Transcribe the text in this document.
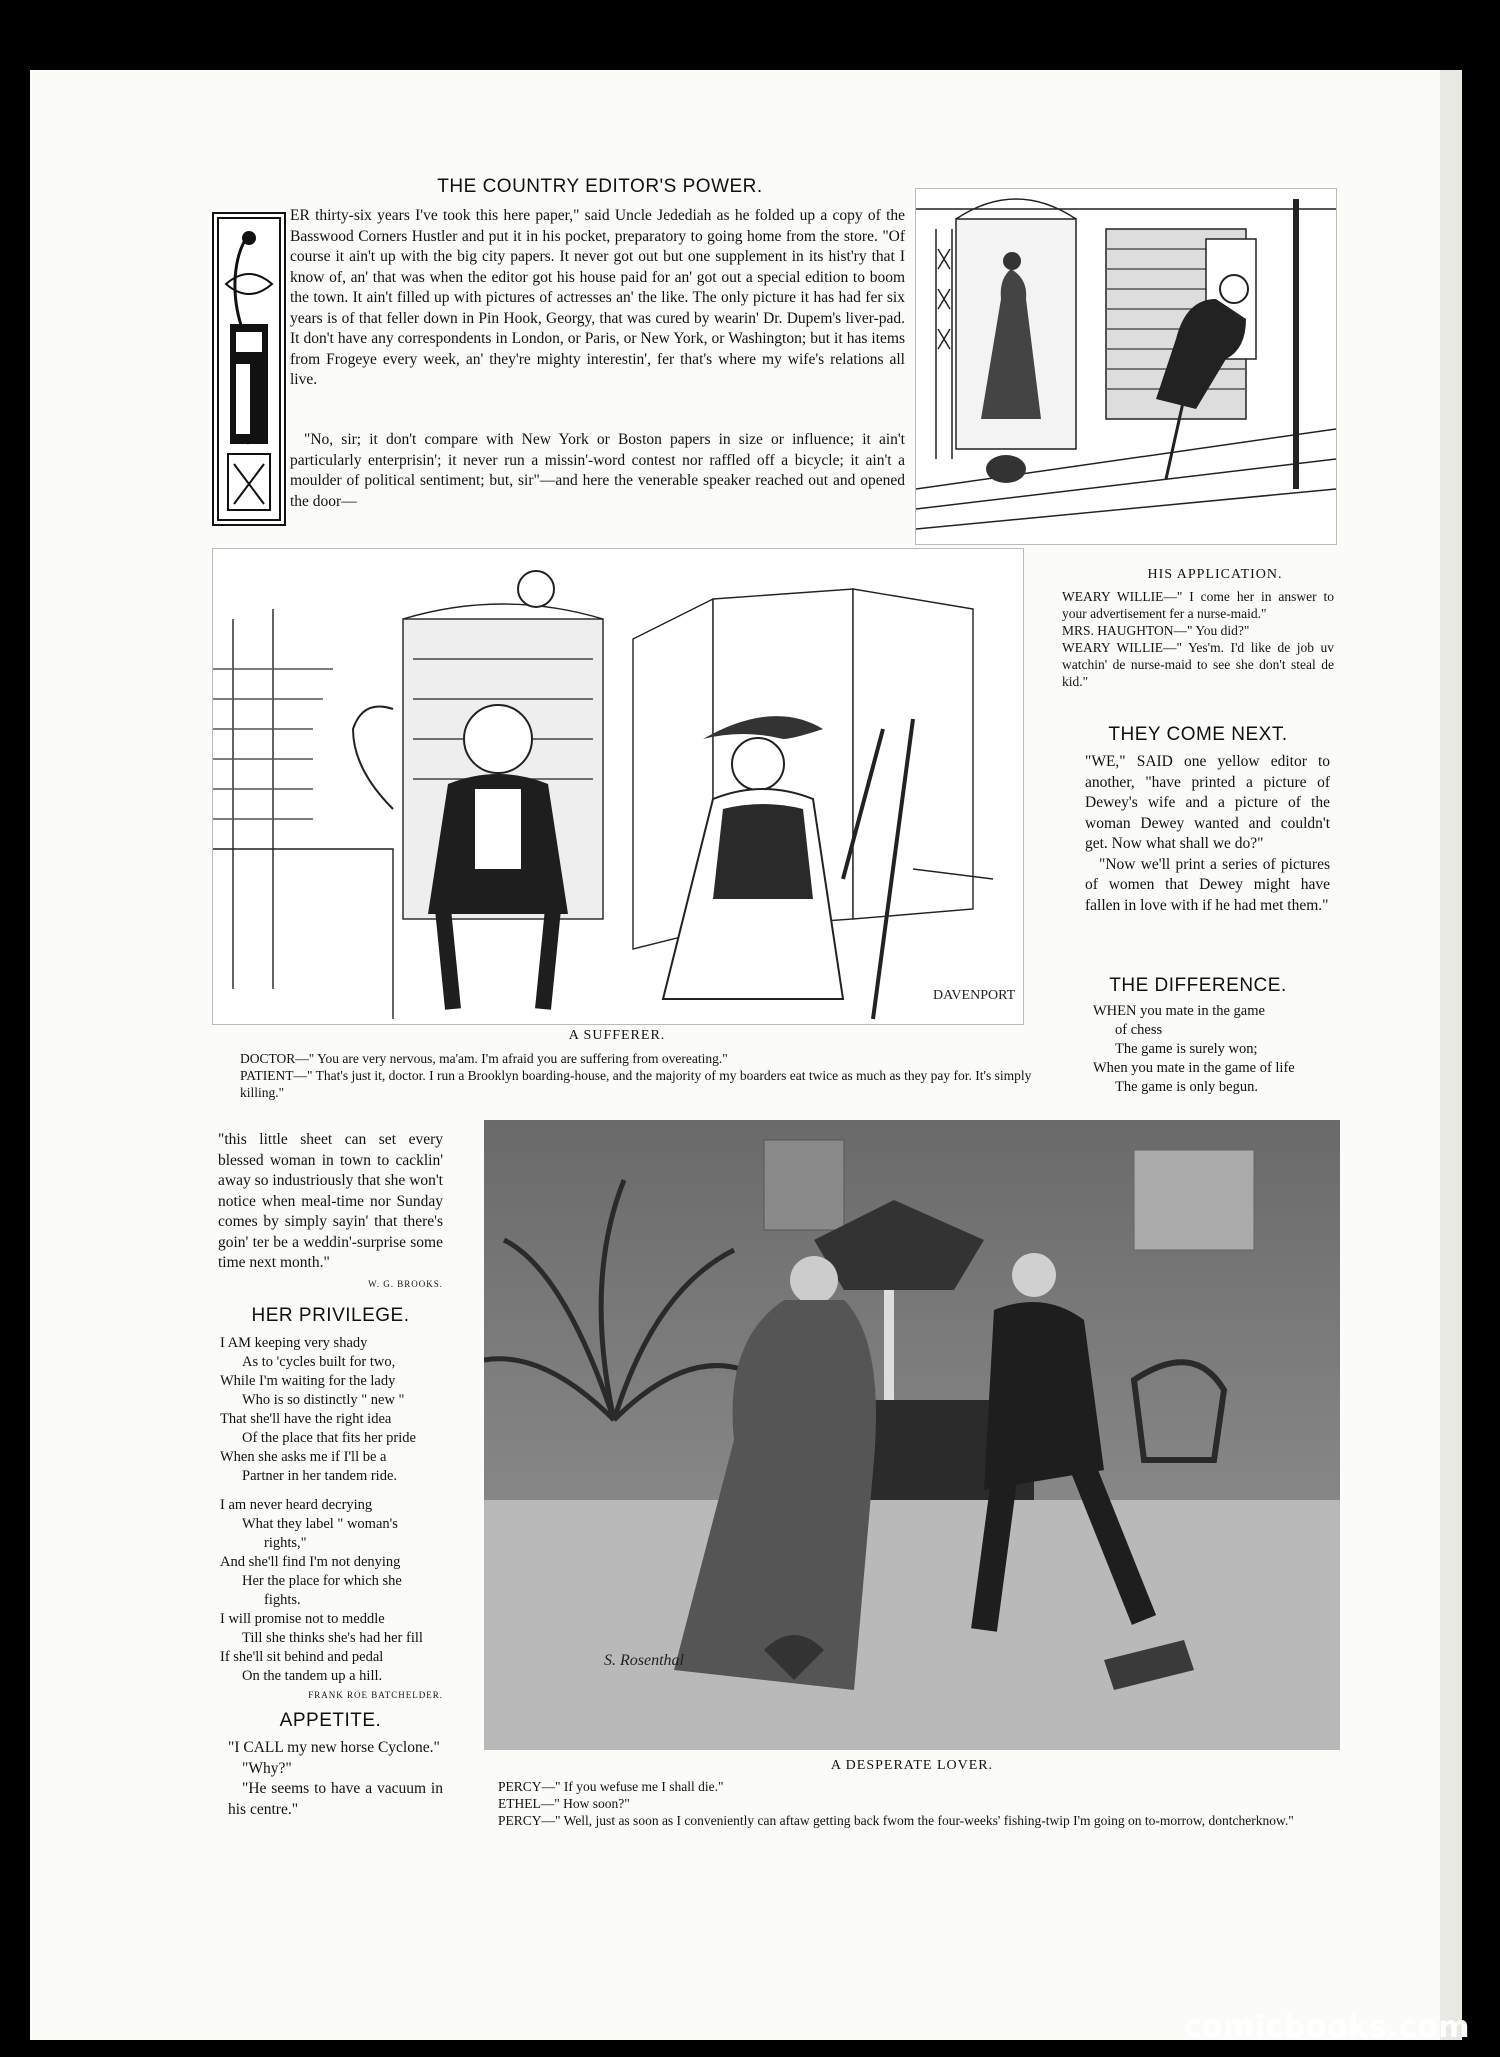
THE COUNTRY EDITOR'S POWER.

ER thirty-six years I've took this here paper," said Uncle Jedediah as he folded up a copy of the Basswood Corners Hustler and put it in his pocket, preparatory to going home from the store. "Of course it ain't up with the big city papers. It never got out but one supplement in its hist'ry that I know of, an' that was when the editor got his house paid for an' got out a special edition to boom the town. It ain't filled up with pictures of actresses an' the like. The only picture it has had fer six years is of that feller down in Pin Hook, Georgy, that was cured by wearin' Dr. Dupem's liver-pad. It don't have any correspondents in London, or Paris, or New York, or Washington; but it has items from Frogeye every week, an' they're mighty interestin', fer that's where my wife's relations all live.

"No, sir; it don't compare with New York or Boston papers in size or influence; it ain't particularly enterprisin'; it never run a missin'-word contest nor raffled off a bicycle; it ain't a moulder of political sentiment; but, sir"—and here the venerable speaker reached out and opened the door—

DAVENPORT

A SUFFERER.

DOCTOR—" You are very nervous, ma'am. I'm afraid you are suffering from overeating."

PATIENT—" That's just it, doctor. I run a Brooklyn boarding-house, and the majority of my boarders eat twice as much as they pay for. It's simply killing."

HIS APPLICATION.

WEARY WILLIE—" I come her in answer to your advertisement fer a nurse-maid."

MRS. HAUGHTON—" You did?"

WEARY WILLIE—" Yes'm. I'd like de job uv watchin' de nurse-maid to see she don't steal de kid."

THEY COME NEXT.

"WE," SAID one yellow editor to another, "have printed a picture of Dewey's wife and a picture of the woman Dewey wanted and couldn't get. Now what shall we do?"

"Now we'll print a series of pictures of women that Dewey might have fallen in love with if he had met them."

THE DIFFERENCE.
WHEN you mate in the game
of chess
The game is surely won;
When you mate in the game of life
The game is only begun.

"this little sheet can set every blessed woman in town to cacklin' away so industriously that she won't notice when meal-time nor Sunday comes by simply sayin' that there's goin' ter be a weddin'-surprise some time next month."

W. G. BROOKS.

HER PRIVILEGE.
I AM keeping very shady
As to 'cycles built for two,
While I'm waiting for the lady
Who is so distinctly " new "
That she'll have the right idea
Of the place that fits her pride
When she asks me if I'll be a
Partner in her tandem ride.
I am never heard decrying
What they label " woman's
rights,"
And she'll find I'm not denying
Her the place for which she
fights.
I will promise not to meddle
Till she thinks she's had her fill
If she'll sit behind and pedal
On the tandem up a hill.

FRANK ROE BATCHELDER.

APPETITE.

"I CALL my new horse Cyclone."

"Why?"

"He seems to have a vacuum in his centre."

S. Rosenthal

A DESPERATE LOVER.

PERCY—" If you wefuse me I shall die."

ETHEL—" How soon?"

PERCY—" Well, just as soon as I conveniently can aftaw getting back fwom the four-weeks' fishing-twip I'm going on to-morrow, dontcherknow."

comicbooks.com
